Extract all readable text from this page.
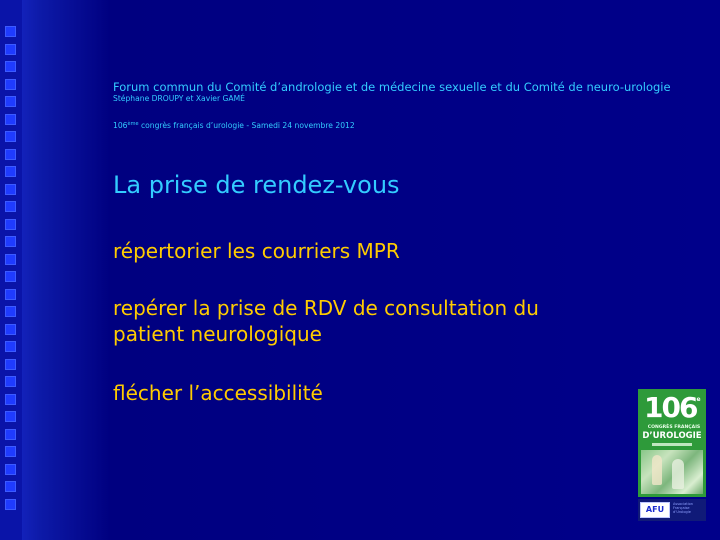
Forum commun du Comité d’andrologie et de médecine sexuelle et du Comité de neuro-urologie
Stéphane DROUPY et Xavier GAMÉ
106ème congrès français d’urologie - Samedi 24 novembre 2012
La prise de rendez-vous
répertorier les courriers MPR
repérer la prise de RDV de consultation du patient neurologique
flécher l’accessibilité	106e
CONGRÈS FRANÇAIS
D’UROLOGIE
AFU
Association Française d’Urologie
